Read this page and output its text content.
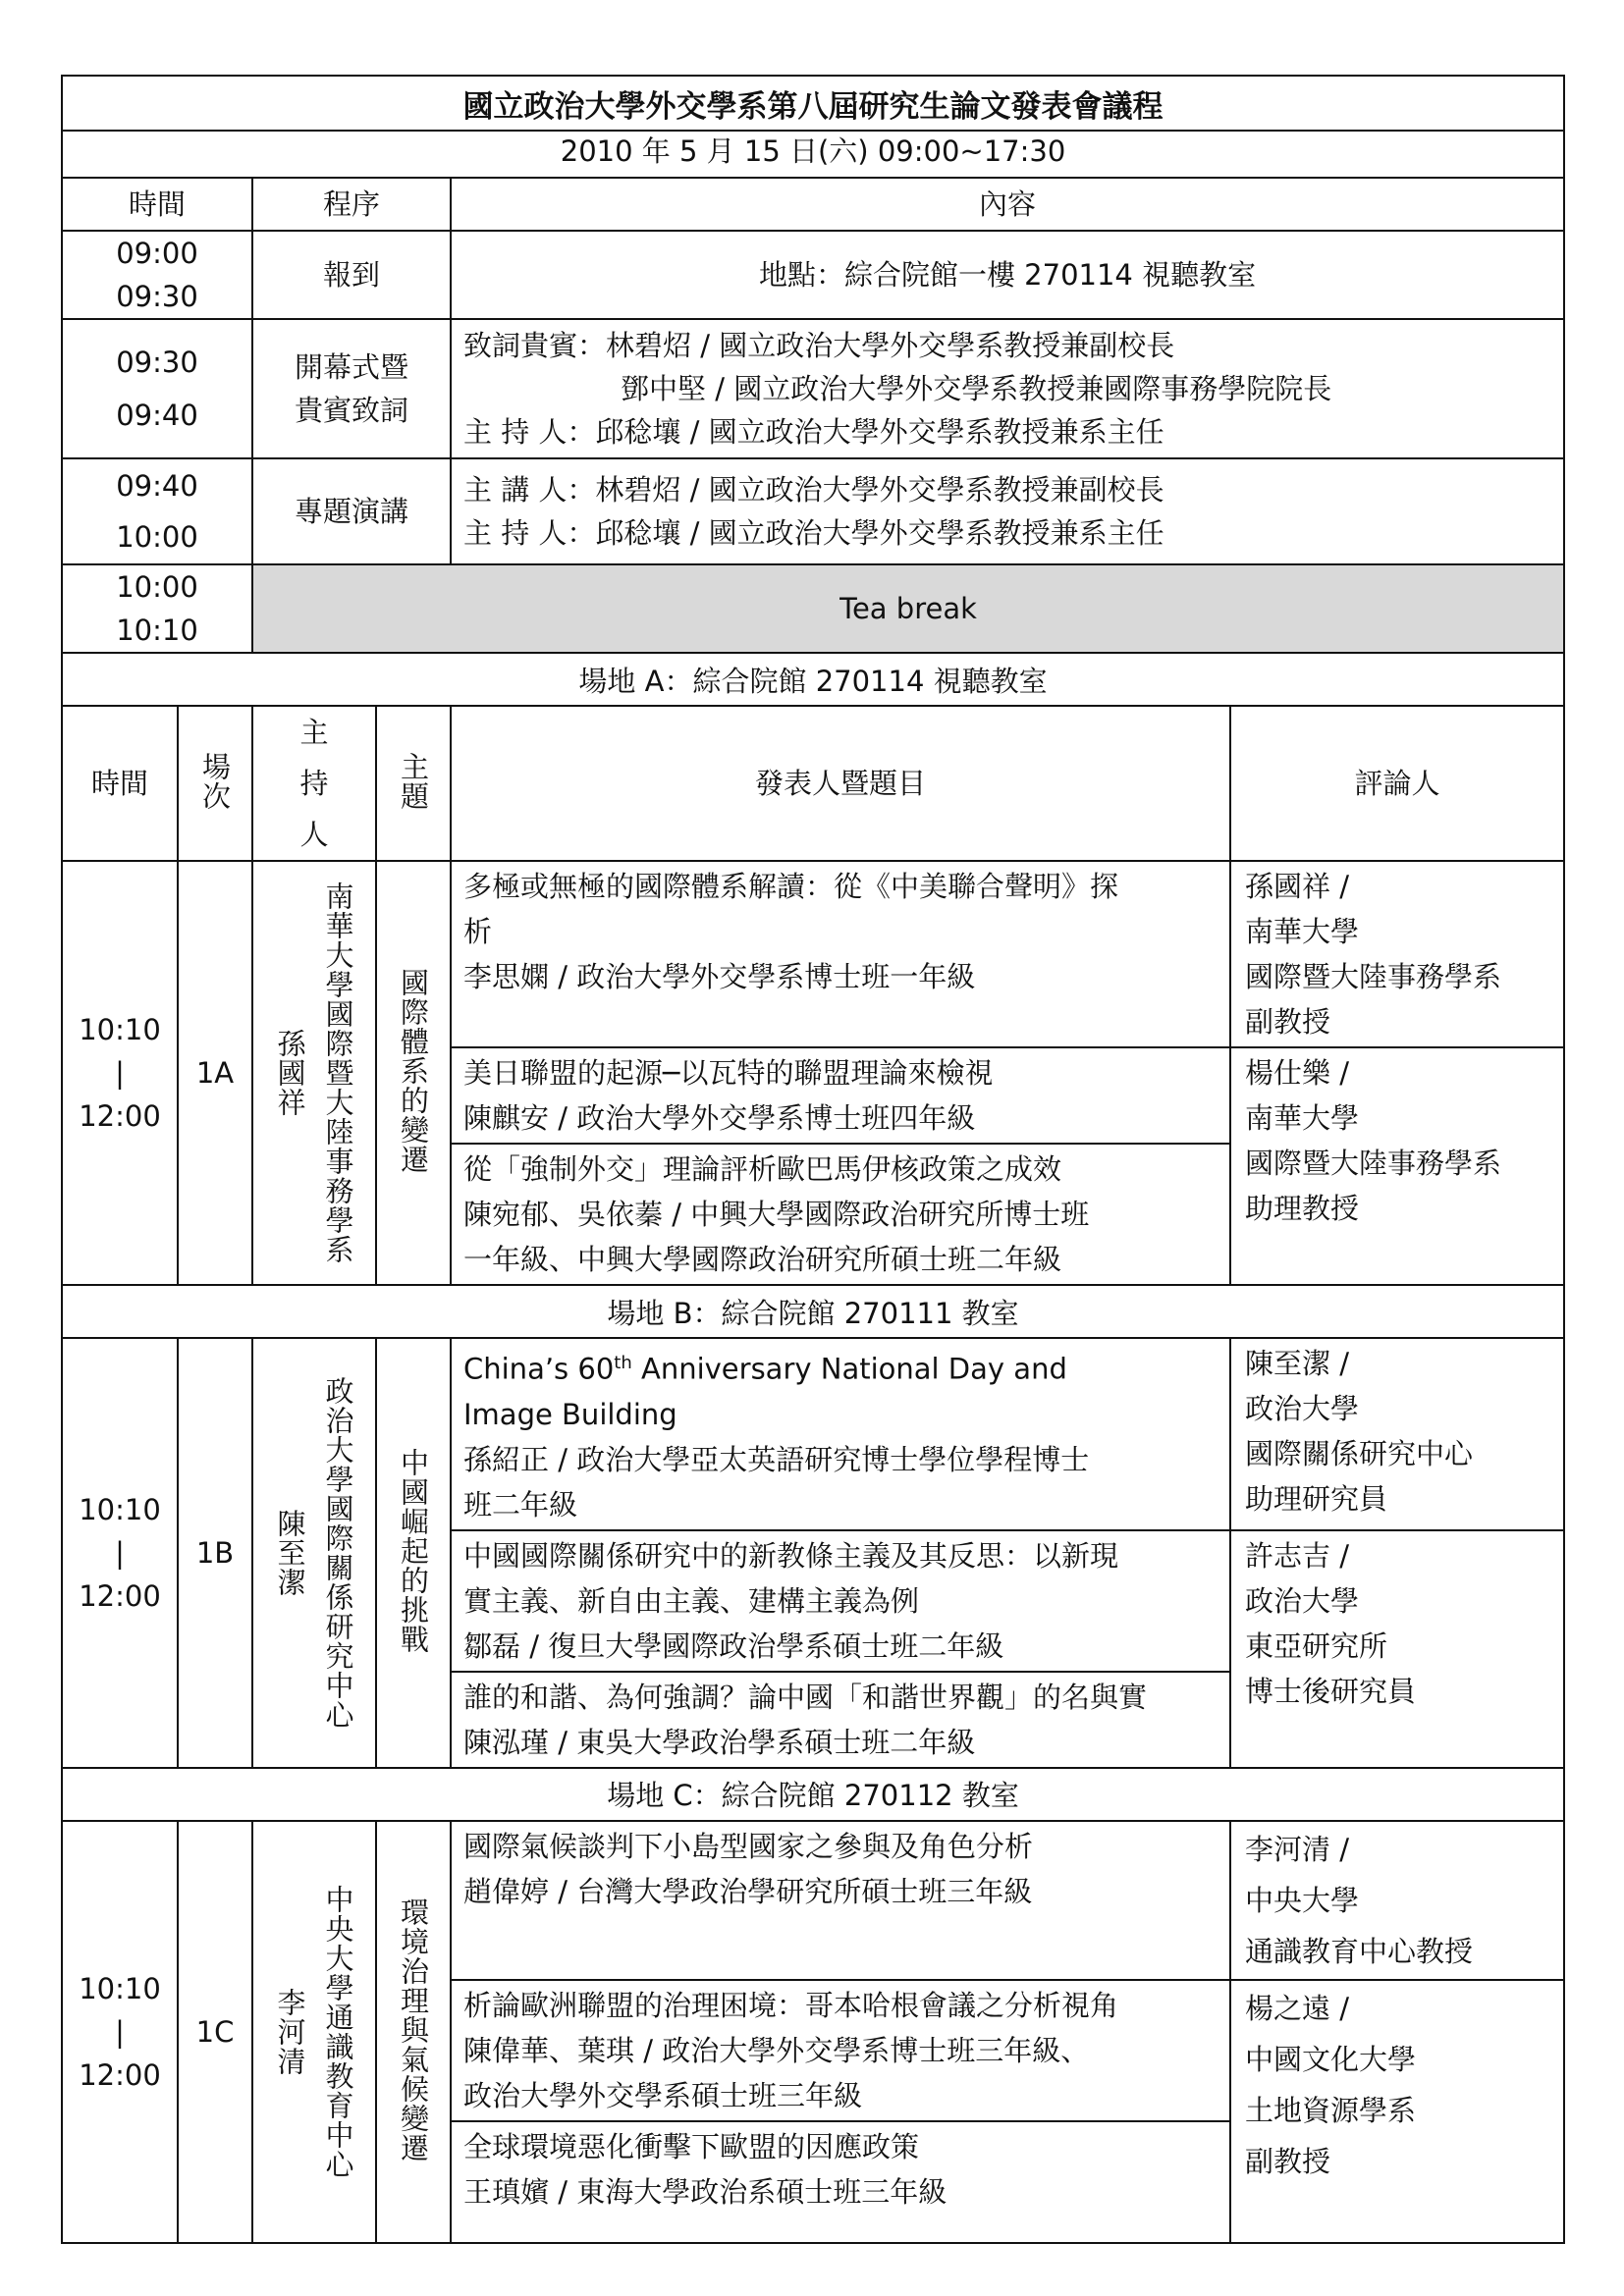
國立政治大學外交學系第八屆研究生論文發表會議程					
2010 年 5 月 15 日(六) 09:00~17:30					
時間		程序		內容	

09:00
09:30		報到		地點：綜合院館一樓 270114 視聽教室	

09:30
09:40		開幕式暨
貴賓致詞		致詞貴賓：林碧炤 / 國立政治大學外交學系教授兼副校長
鄧中堅 / 國立政治大學外交學系教授兼國際事務學院院長
主 持 人：邱稔壤 / 國立政治大學外交學系教授兼系主任	

09:40
10:00		專題演講		主 講 人：林碧炤 / 國立政治大學外交學系教授兼副校長
主 持 人：邱稔壤 / 國立政治大學外交學系教授兼系主任	

10:00
10:10		Tea break			
場地 A：綜合院館 270114 視聽教室					
時間	場次	主持人	主題	發表人暨題目	評論人

10:10
|
12:00	1A	孫國祥 南華大學國際暨大陸事務學系	國際體系的變遷	多極或無極的國際體系解讀：從《中美聯合聲明》探
析
李思嫻 / 政治大學外交學系博士班一年級	孫國祥 /
南華大學
國際暨大陸事務學系
副教授

				美日聯盟的起源─以瓦特的聯盟理論來檢視
陳麒安 / 政治大學外交學系博士班四年級	楊仕樂 /
南華大學
國際暨大陸事務學系
助理教授

				從「強制外交」理論評析歐巴馬伊核政策之成效
陳宛郁、吳依蓁 / 中興大學國際政治研究所博士班
一年級、中興大學國際政治研究所碩士班二年級	

場地 B：綜合院館 270111 教室					

10:10
|
12:00	1B	陳至潔 政治大學國際關係研究中心	中國崛起的挑戰	China’s 60th Anniversary National Day and
Image Building
孫紹正 / 政治大學亞太英語研究博士學位學程博士
班二年級	陳至潔 /
政治大學
國際關係研究中心
助理研究員

				中國國際關係研究中的新教條主義及其反思：以新現
實主義、新自由主義、建構主義為例
鄒磊 / 復旦大學國際政治學系碩士班二年級	許志吉 /
政治大學
東亞研究所
博士後研究員

				誰的和諧、為何強調？論中國「和諧世界觀」的名與實
陳泓瑾 / 東吳大學政治學系碩士班二年級	

場地 C：綜合院館 270112 教室					

10:10
|
12:00	1C	李河清 中央大學通識教育中心	環境治理與氣候變遷	國際氣候談判下小島型國家之參與及角色分析
趙偉婷 / 台灣大學政治學研究所碩士班三年級	李河清 /
中央大學
通識教育中心教授

				析論歐洲聯盟的治理困境：哥本哈根會議之分析視角
陳偉華、葉琪 / 政治大學外交學系博士班三年級、
政治大學外交學系碩士班三年級	楊之遠 /
中國文化大學
土地資源學系
副教授

				全球環境惡化衝擊下歐盟的因應政策
王瑱嬪 / 東海大學政治系碩士班三年級	
